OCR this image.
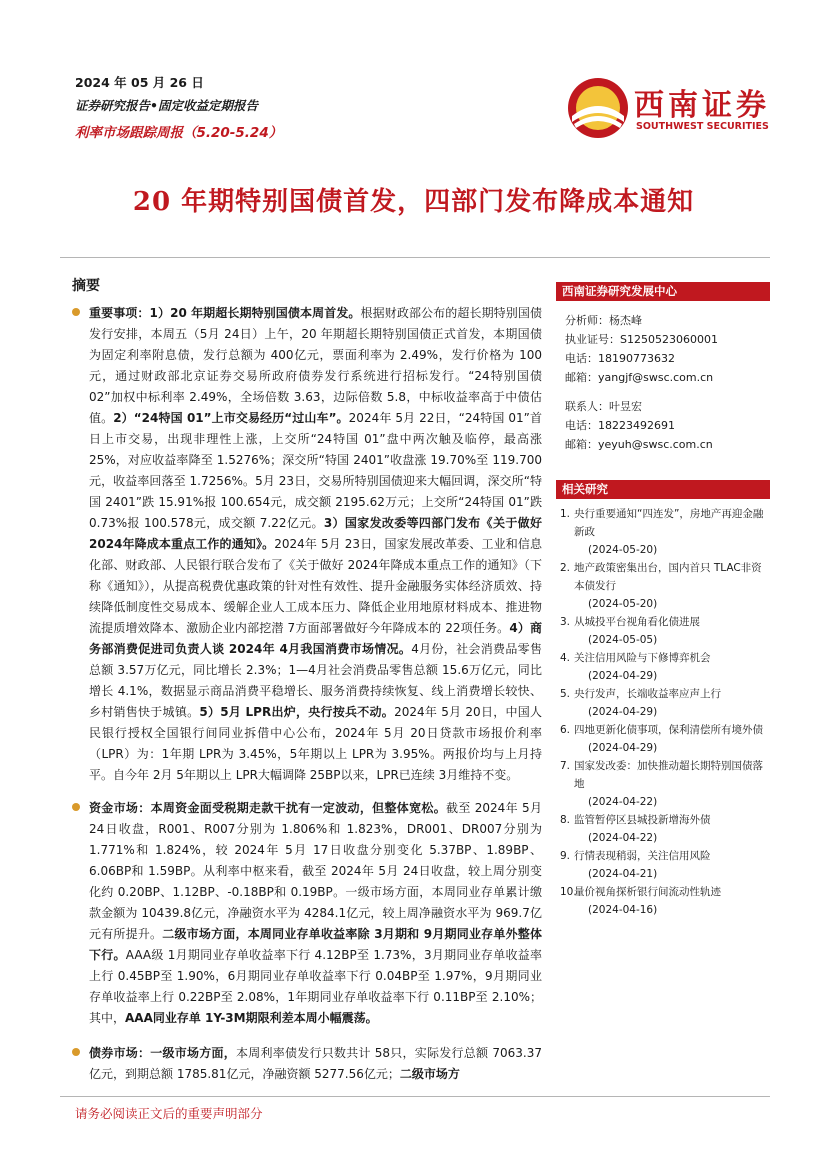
2024 年 05 月 26 日
证券研究报告•固定收益定期报告
利率市场跟踪周报（5.20-5.24）
西南证券
SOUTHWEST SECURITIES
20 年期特别国债首发，四部门发布降成本通知
摘要

重要事项：1）20 年期超长期特别国债本周首发。根据财政部公布的超长期特别国债发行安排，本周五（5月 24日）上午，20 年期超长期特别国债正式首发，本期国债为固定利率附息债，发行总额为 400亿元，票面利率为 2.49%，发行价格为 100元，通过财政部北京证券交易所政府债券发行系统进行招标发行。“24特别国债 02”加权中标利率 2.49%，全场倍数 3.63，边际倍数 5.8，中标收益率高于中债估值。2）“24特国 01”上市交易经历“过山车”。2024年 5月 22日，“24特国 01”首日上市交易，出现非理性上涨，上交所“24特国 01”盘中两次触及临停，最高涨 25%，对应收益率降至 1.5276%；深交所“特国 2401”收盘涨 19.70%至 119.700元，收益率回落至 1.7256%。5月 23日，交易所特别国债迎来大幅回调，深交所“特国 2401”跌 15.91%报 100.654元，成交额 2195.62万元；上交所“24特国 01”跌 0.73%报 100.578元，成交额 7.22亿元。3）国家发改委等四部门发布《关于做好 2024年降成本重点工作的通知》。2024年 5月 23日，国家发展改革委、工业和信息化部、财政部、人民银行联合发布了《关于做好 2024年降成本重点工作的通知》（下称《通知》），从提高税费优惠政策的针对性有效性、提升金融服务实体经济质效、持续降低制度性交易成本、缓解企业人工成本压力、降低企业用地原材料成本、推进物流提质增效降本、激励企业内部挖潜 7方面部署做好今年降成本的 22项任务。4）商务部消费促进司负责人谈 2024年 4月我国消费市场情况。4月份，社会消费品零售总额 3.57万亿元，同比增长 2.3%；1—4月社会消费品零售总额 15.6万亿元，同比增长 4.1%，数据显示商品消费平稳增长、服务消费持续恢复、线上消费增长较快、乡村销售快于城镇。5）5月 LPR出炉，央行按兵不动。2024年 5月 20日，中国人民银行授权全国银行间同业拆借中心公布，2024年 5月 20日贷款市场报价利率（LPR）为：1年期 LPR为 3.45%，5年期以上 LPR为 3.95%。两报价均与上月持平。自今年 2月 5年期以上 LPR大幅调降 25BP以来，LPR已连续 3月维持不变。

资金市场：本周资金面受税期走款干扰有一定波动，但整体宽松。截至 2024年 5月 24日收盘，R001、R007分别为 1.806%和 1.823%，DR001、DR007分别为 1.771%和 1.824%，较 2024年 5月 17日收盘分别变化 5.37BP、1.89BP、6.06BP和 1.59BP。从利率中枢来看，截至 2024年 5月 24日收盘，较上周分别变化约 0.20BP、1.12BP、-0.18BP和 0.19BP。一级市场方面，本周同业存单累计缴款金额为 10439.8亿元，净融资水平为 4284.1亿元，较上周净融资水平为 969.7亿元有所提升。二级市场方面，本周同业存单收益率除 3月期和 9月期同业存单外整体下行。AAA级 1月期同业存单收益率下行 4.12BP至 1.73%，3月期同业存单收益率上行 0.45BP至 1.90%，6月期同业存单收益率下行 0.04BP至 1.97%，9月期同业存单收益率上行 0.22BP至 2.08%，1年期同业存单收益率下行 0.11BP至 2.10%；其中，AAA同业存单 1Y-3M期限利差本周小幅震荡。

债券市场：一级市场方面，本周利率债发行只数共计 58只，实际发行总额 7063.37亿元，到期总额 1785.81亿元，净融资额 5277.56亿元；二级市场方

西南证券研究发展中心
分析师：杨杰峰
执业证号：S1250523060001
电话：18190773632
邮箱：yangjf@swsc.com.cn
联系人：叶昱宏
电话：18223492691
邮箱：yeyuh@swsc.com.cn
相关研究
1. 央行重要通知“四连发”，房地产再迎金融新政
(2024-05-20)
2. 地产政策密集出台，国内首只 TLAC非资本债发行
(2024-05-20)
3. 从城投平台视角看化债进展
(2024-05-05)
4. 关注信用风险与下修博弈机会
(2024-04-29)
5. 央行发声，长端收益率应声上行
(2024-04-29)
6. 四地更新化债事项，保利清偿所有境外债
(2024-04-29)
7. 国家发改委：加快推动超长期特别国债落地
(2024-04-22)
8. 监管暂停区县城投新增海外债
(2024-04-22)
9. 行情表现稍弱，关注信用风险
(2024-04-21)
10.
量价视角探析银行间流动性轨迹
(2024-04-16)
请务必阅读正文后的重要声明部分
